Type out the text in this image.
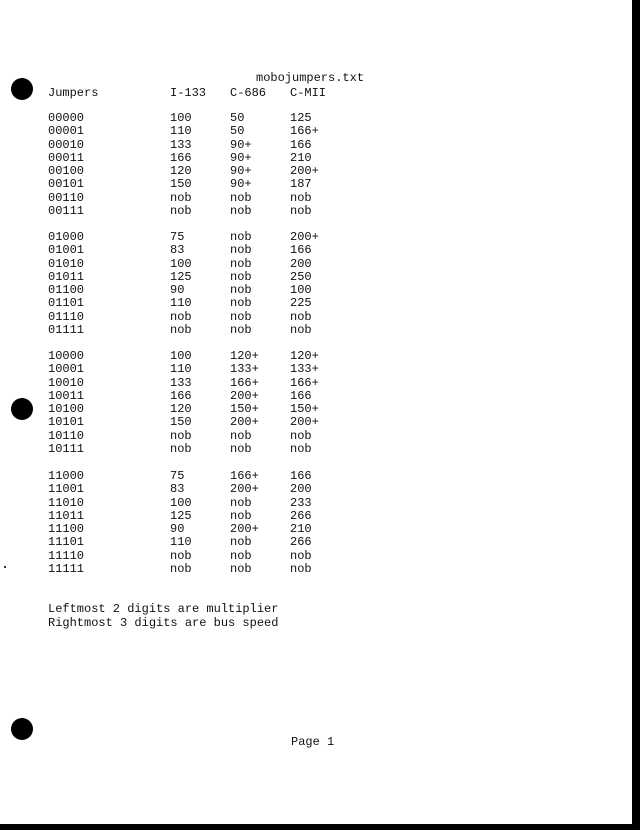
mobojumpers.txt
Jumpers	I-133 C-686 C-MII
00000	100	50	125
00001	110	50	166+
00010	133	90+	166
00011	166	90+	210
00100	120	90+	200+
00101	150	90+	187
00110	nob	nob	nob
00111	nob	nob	nob
01000	75	nob	200+
01001	83	nob	166
01010	100	nob	200
01011	125	nob	250
01100	90	nob	100
01101	110	nob	225
01110	nob	nob	nob
01111	nob	nob	nob
10000	100	120+	120+
10001	110	133+	133+
10010	133	166+	166+
10011	166	200+	166
10100	120	150+	150+
10101	150	200+	200+
10110	nob	nob	nob
10111	nob	nob	nob
11000	75	166+	166
11001	83	200+	200
11010	100	nob	233
11011	125	nob	266
11100	90	200+	210
11101	110	nob	266
11110	nob	nob	nob
11111	nob	nob	nob
Leftmost 2 digits are multiplier
Rightmost 3 digits are bus speed
Page 1
